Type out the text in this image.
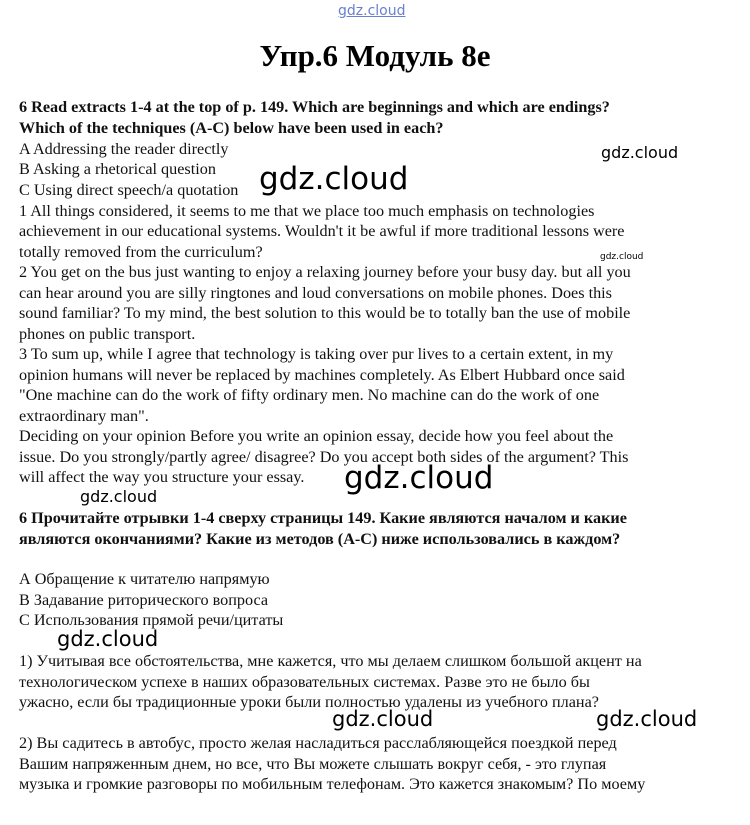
gdz.cloud
Упр.6 Модуль 8е
6 Read extracts 1-4 at the top of p. 149. Which are beginnings and which are endings?
Which of the techniques (A-C) below have been used in each?
A Addressing the reader directly
B Asking a rhetorical question
C Using direct speech/a quotation
1 All things considered, it seems to me that we place too much emphasis on technologies
achievement in our educational systems. Wouldn't it be awful if more traditional lessons were
totally removed from the curriculum?
2 You get on the bus just wanting to enjoy a relaxing journey before your busy day. but all you
can hear around you are silly ringtones and loud conversations on mobile phones. Does this
sound familiar? To my mind, the best solution to this would be to totally ban the use of mobile
phones on public transport.
3 To sum up, while I agree that technology is taking over pur lives to a certain extent, in my
opinion humans will never be replaced by machines completely. As Elbert Hubbard once said
"One machine can do the work of fifty ordinary men. No machine can do the work of one
extraordinary man".
Deciding on your opinion Before you write an opinion essay, decide how you feel about the
issue. Do you strongly/partly agree/ disagree? Do you accept both sides of the argument? This
will affect the way you structure your essay.
6 Прочитайте отрывки 1-4 сверху страницы 149. Какие являются началом и какие
являются окончаниями? Какие из методов (A-C) ниже использовались в каждом?
А Обращение к читателю напрямую
В Задавание риторического вопроса
С Использования прямой речи/цитаты
1) Учитывая все обстоятельства, мне кажется, что мы делаем слишком большой акцент на
технологическом успехе в наших образовательных системах. Разве это не было бы
ужасно, если бы традиционные уроки были полностью удалены из учебного плана?
2) Вы садитесь в автобус, просто желая насладиться расслабляющейся поездкой перед
Вашим напряженным днем, но все, что Вы можете слышать вокруг себя, - это глупая
музыка и громкие разговоры по мобильным телефонам. Это кажется знакомым? По моему
gdz.cloud
gdz.cloud
gdz.cloud
gdz.cloud
gdz.cloud
gdz.cloud
gdz.cloud	gdz.cloud
